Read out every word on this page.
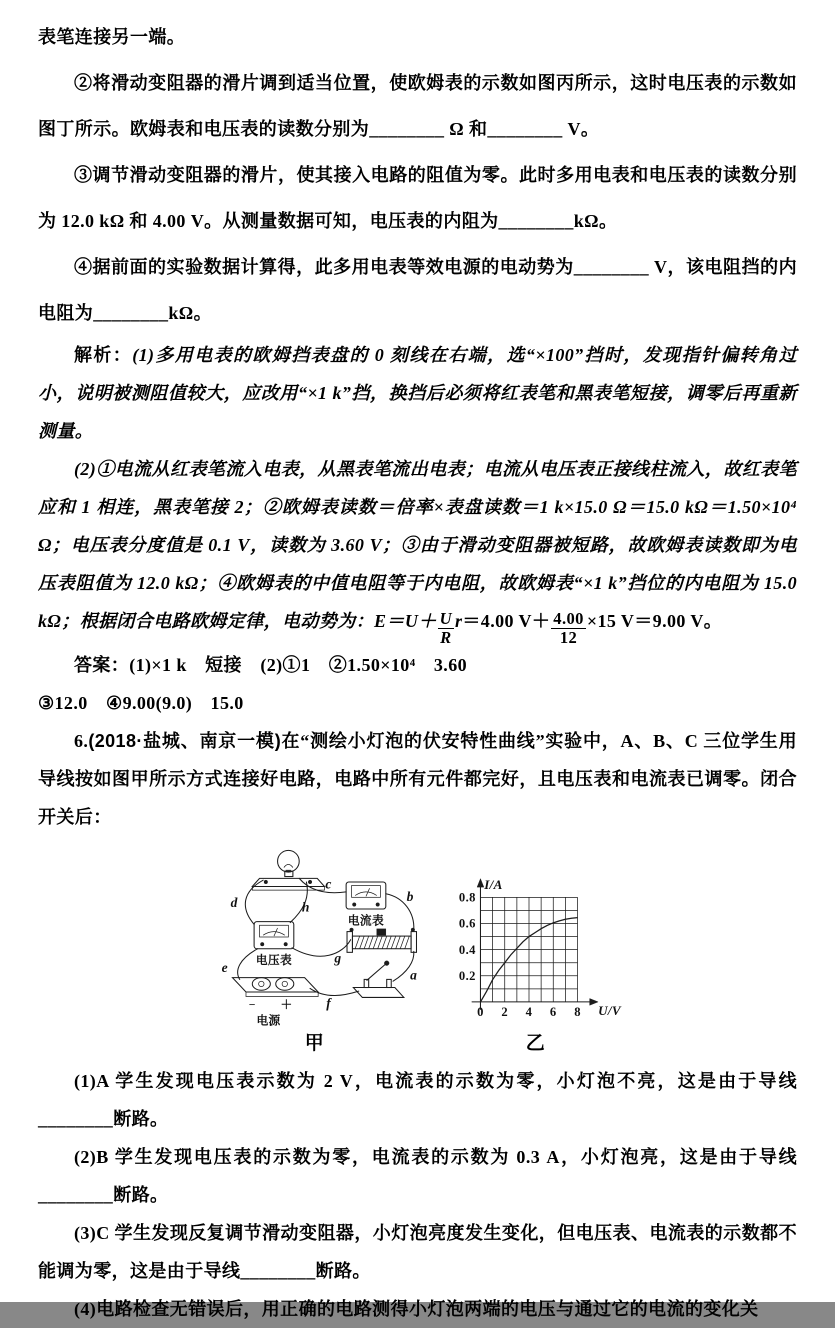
表笔连接另一端。

②将滑动变阻器的滑片调到适当位置，使欧姆表的示数如图丙所示，这时电压表的示数如图丁所示。欧姆表和电压表的读数分别为________ Ω 和________ V。

③调节滑动变阻器的滑片，使其接入电路的阻值为零。此时多用电表和电压表的读数分别为 12.0 kΩ 和 4.00 V。从测量数据可知，电压表的内阻为________kΩ。

④据前面的实验数据计算得，此多用电表等效电源的电动势为________ V，该电阻挡的内电阻为________kΩ。

解析：(1)多用电表的欧姆挡表盘的 0 刻线在右端，选“×100”挡时，发现指针偏转角过小，说明被测阻值较大，应改用“×1 k”挡，换挡后必须将红表笔和黑表笔短接，调零后再重新测量。

(2)①电流从红表笔流入电表，从黑表笔流出电表；电流从电压表正接线柱流入，故红表笔应和 1 相连，黑表笔接 2；②欧姆表读数＝倍率×表盘读数＝1 k×15.0 Ω＝15.0 kΩ＝1.50×10⁴ Ω；电压表分度值是 0.1 V，读数为 3.60 V；③由于滑动变阻器被短路，故欧姆表读数即为电压表阻值为 12.0 kΩ；④欧姆表的中值电阻等于内电阻，故欧姆表“×1 k”挡位的内电阻为 15.0 kΩ；根据闭合电路欧姆定律，电动势为：$E=U+ \frac{U}{R} r=4.00$ $V+ \frac{4.00}{12} \times 15$ V＝9.00 V。

答案：(1)×1 k　短接　(2)①1　②1.50×10⁴　3.60

③12.0　④9.00(9.0)　15.0

6.(2018·盐城、南京一模)在“测绘小灯泡的伏安特性曲线”实验中，A、B、C 三位学生用导线按如图甲所示方式连接好电路，电路中所有元件都完好，且电压表和电流表已调零。闭合开关后：

电流表
电压表
− ＋
电源
d
c
b
h
e
g
f
a
甲
0 2 4 6 8
0.2
0.4
0.6
0.8
I/A
U/V
乙

(1)A 学生发现电压表示数为 2 V，电流表的示数为零，小灯泡不亮，这是由于导线________断路。

(2)B 学生发现电压表的示数为零，电流表的示数为 0.3 A，小灯泡亮，这是由于导线________断路。

(3)C 学生发现反复调节滑动变阻器，小灯泡亮度发生变化，但电压表、电流表的示数都不能调为零，这是由于导线________断路。

(4)电路检查无错误后，用正确的电路测得小灯泡两端的电压与通过它的电流的变化关
